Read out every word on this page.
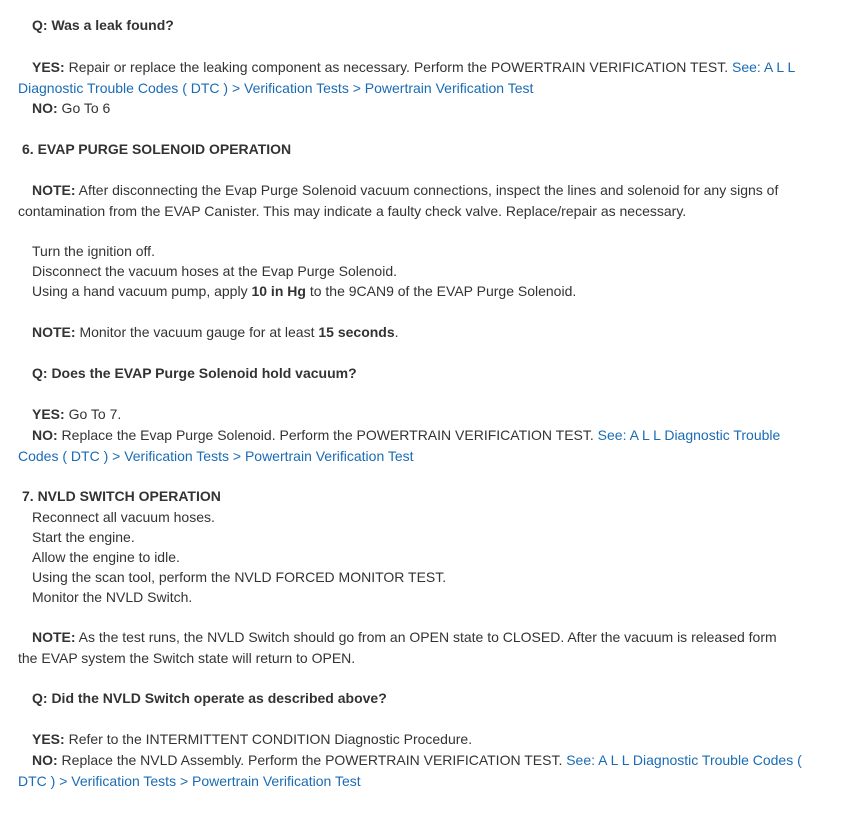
Q: Was a leak found?
YES: Repair or replace the leaking component as necessary. Perform the POWERTRAIN VERIFICATION TEST. See: A L L
Diagnostic Trouble Codes ( DTC ) > Verification Tests > Powertrain Verification Test
NO: Go To 6
6. EVAP PURGE SOLENOID OPERATION
NOTE: After disconnecting the Evap Purge Solenoid vacuum connections, inspect the lines and solenoid for any signs of
contamination from the EVAP Canister. This may indicate a faulty check valve. Replace/repair as necessary.
Turn the ignition off.
Disconnect the vacuum hoses at the Evap Purge Solenoid.
Using a hand vacuum pump, apply 10 in Hg to the 9CAN9 of the EVAP Purge Solenoid.
NOTE: Monitor the vacuum gauge for at least 15 seconds.
Q: Does the EVAP Purge Solenoid hold vacuum?
YES: Go To 7.
NO: Replace the Evap Purge Solenoid. Perform the POWERTRAIN VERIFICATION TEST. See: A L L Diagnostic Trouble
Codes ( DTC ) > Verification Tests > Powertrain Verification Test
7. NVLD SWITCH OPERATION
Reconnect all vacuum hoses.
Start the engine.
Allow the engine to idle.
Using the scan tool, perform the NVLD FORCED MONITOR TEST.
Monitor the NVLD Switch.
NOTE: As the test runs, the NVLD Switch should go from an OPEN state to CLOSED. After the vacuum is released form
the EVAP system the Switch state will return to OPEN.
Q: Did the NVLD Switch operate as described above?
YES: Refer to the INTERMITTENT CONDITION Diagnostic Procedure.
NO: Replace the NVLD Assembly. Perform the POWERTRAIN VERIFICATION TEST. See: A L L Diagnostic Trouble Codes (
DTC ) > Verification Tests > Powertrain Verification Test
